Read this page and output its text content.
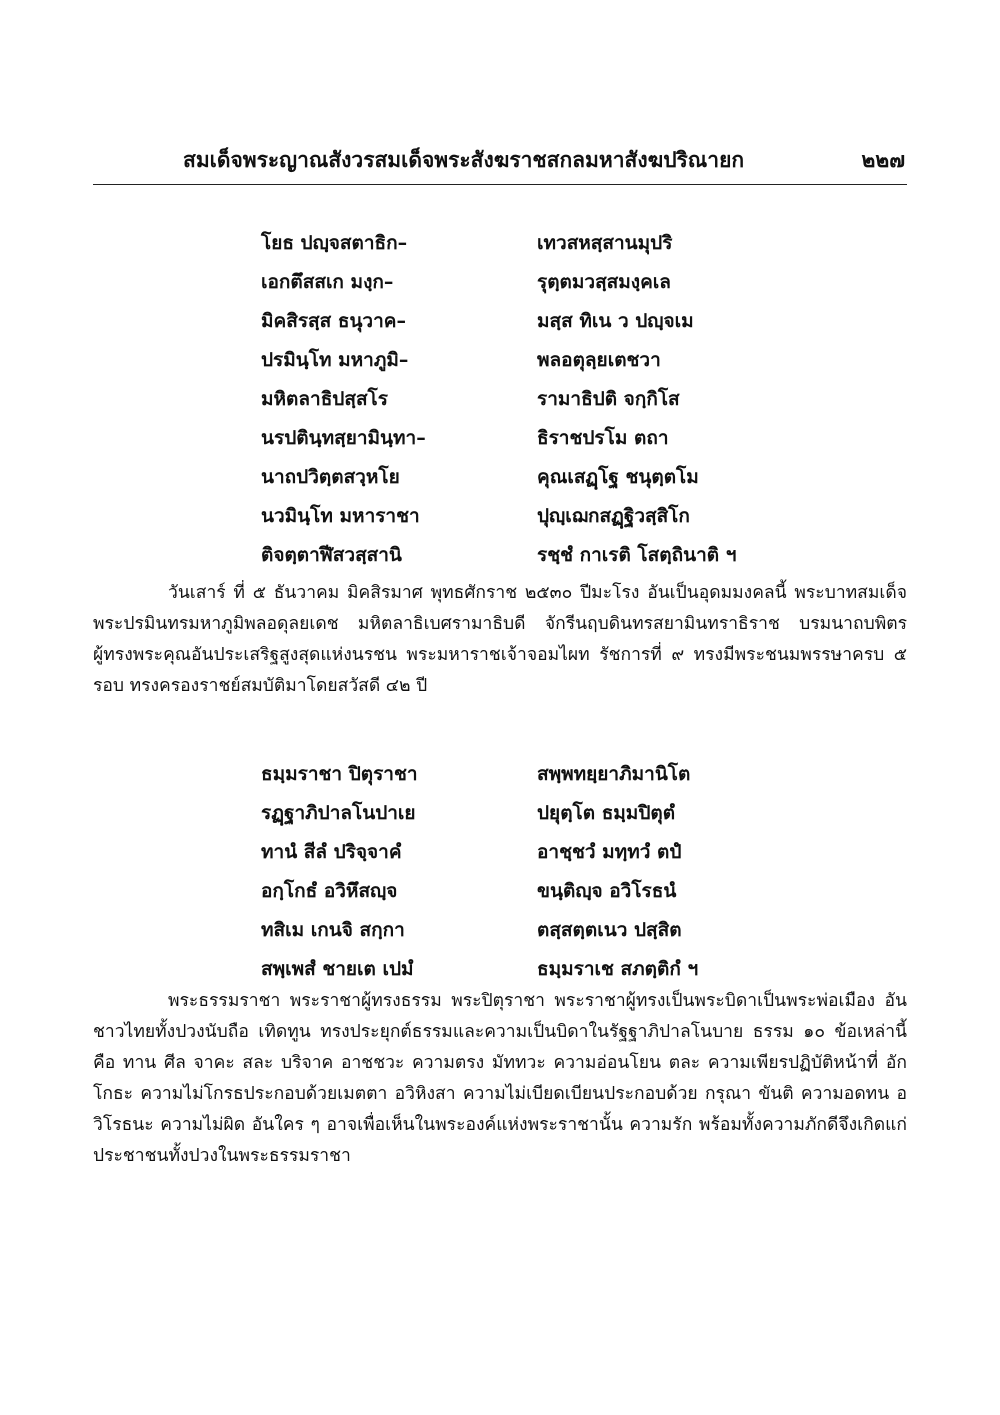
สมเด็จพระญาณสังวรสมเด็จพระสังฆราชสกลมหาสังฆปริณายก	๒๒๗
โยธ ปญฺจสตาธิก–	เทวสหสฺสานมุปริ
เอกตึสสเก มงฺก–	รุตฺตมวสฺสมงฺคเล
มิคสิรสฺส ธนุวาค–	มสฺส ทิเน ว ปญฺจเม
ปรมินฺโท มหาภูมิ–	พลอตุลฺยเตชวา
มหิตลาธิปสฺสโร	รามาธิปติ จกฺกิโส
นรปตินฺทสฺยามินฺทา–	ธิราชปรโม ตถา
นาถปวิตฺตสวฺหโย	คุณเสฏฺโฐ ชนุตฺตโม
นวมินฺโท มหาราชา	ปุญฺเฌกสฏฺฐิวสฺสิโก
ติจตฺตาฬีสวสฺสานิ	รชฺชํ กาเรติ โสตฺถินาติ ฯ

วันเสาร์ ที่ ๕ ธันวาคม มิคสิรมาศ พุทธศักราช ๒๕๓๐ ปีมะโรง อันเป็นอุดมมงคลนี้ พระบาทสมเด็จพระปรมินทรมหาภูมิพลอดุลยเดช มหิตลาธิเบศรามาธิบดี จักรีนฤบดินทรสยามินทราธิราช บรมนาถบพิตร ผู้ทรงพระคุณอันประเสริฐสูงสุดแห่งนรชน พระมหาราชเจ้าจอมไผท รัชการที่ ๙ ทรงมีพระชนมพรรษาครบ ๕ รอบ ทรงครองราชย์สมบัติมาโดยสวัสดี ๔๒ ปี

ธมฺมราชา ปิตุราชา	สพฺพทยฺยาภิมานิโต
รฏฺฐาภิปาลโนปาเย	ปยุตฺโต ธมฺมปิตุตํ
ทานํ สีลํ ปริจฺจาคํ	อาชฺชวํ มทฺทวํ ตปํ
อกฺโกธํ อวิหึสญฺจ	ขนฺติญฺจ อวิโรธนํ
ทสิเม เกนจิ สกฺกา	ตสฺสตฺตเนว ปสฺสิต
สพฺเพสํ ชายเต เปมํ	ธมฺมราเช สภตฺติกํ ฯ

พระธรรมราชา พระราชาผู้ทรงธรรม พระปิตุราชา พระราชาผู้ทรงเป็นพระบิดาเป็นพระพ่อเมือง อันชาวไทยทั้งปวงนับถือ เทิดทูน ทรงประยุกต์ธรรมและความเป็นบิดาในรัฐฐาภิปาลโนบาย ธรรม ๑๐ ข้อเหล่านี้ คือ ทาน ศีล จาคะ สละ บริจาค อาชชวะ ความตรง มัททวะ ความอ่อนโยน ตละ ความเพียรปฏิบัติหน้าที่ อักโกธะ ความไม่โกรธประกอบด้วยเมตตา อวิหิงสา ความไม่เบียดเบียนประกอบด้วย กรุณา ขันติ ความอดทน อวิโรธนะ ความไม่ผิด อันใคร ๆ อาจเพื่อเห็นในพระองค์แห่งพระราชานั้น ความรัก พร้อมทั้งความภักดีจึงเกิดแก่ประชาชนทั้งปวงในพระธรรมราชา
